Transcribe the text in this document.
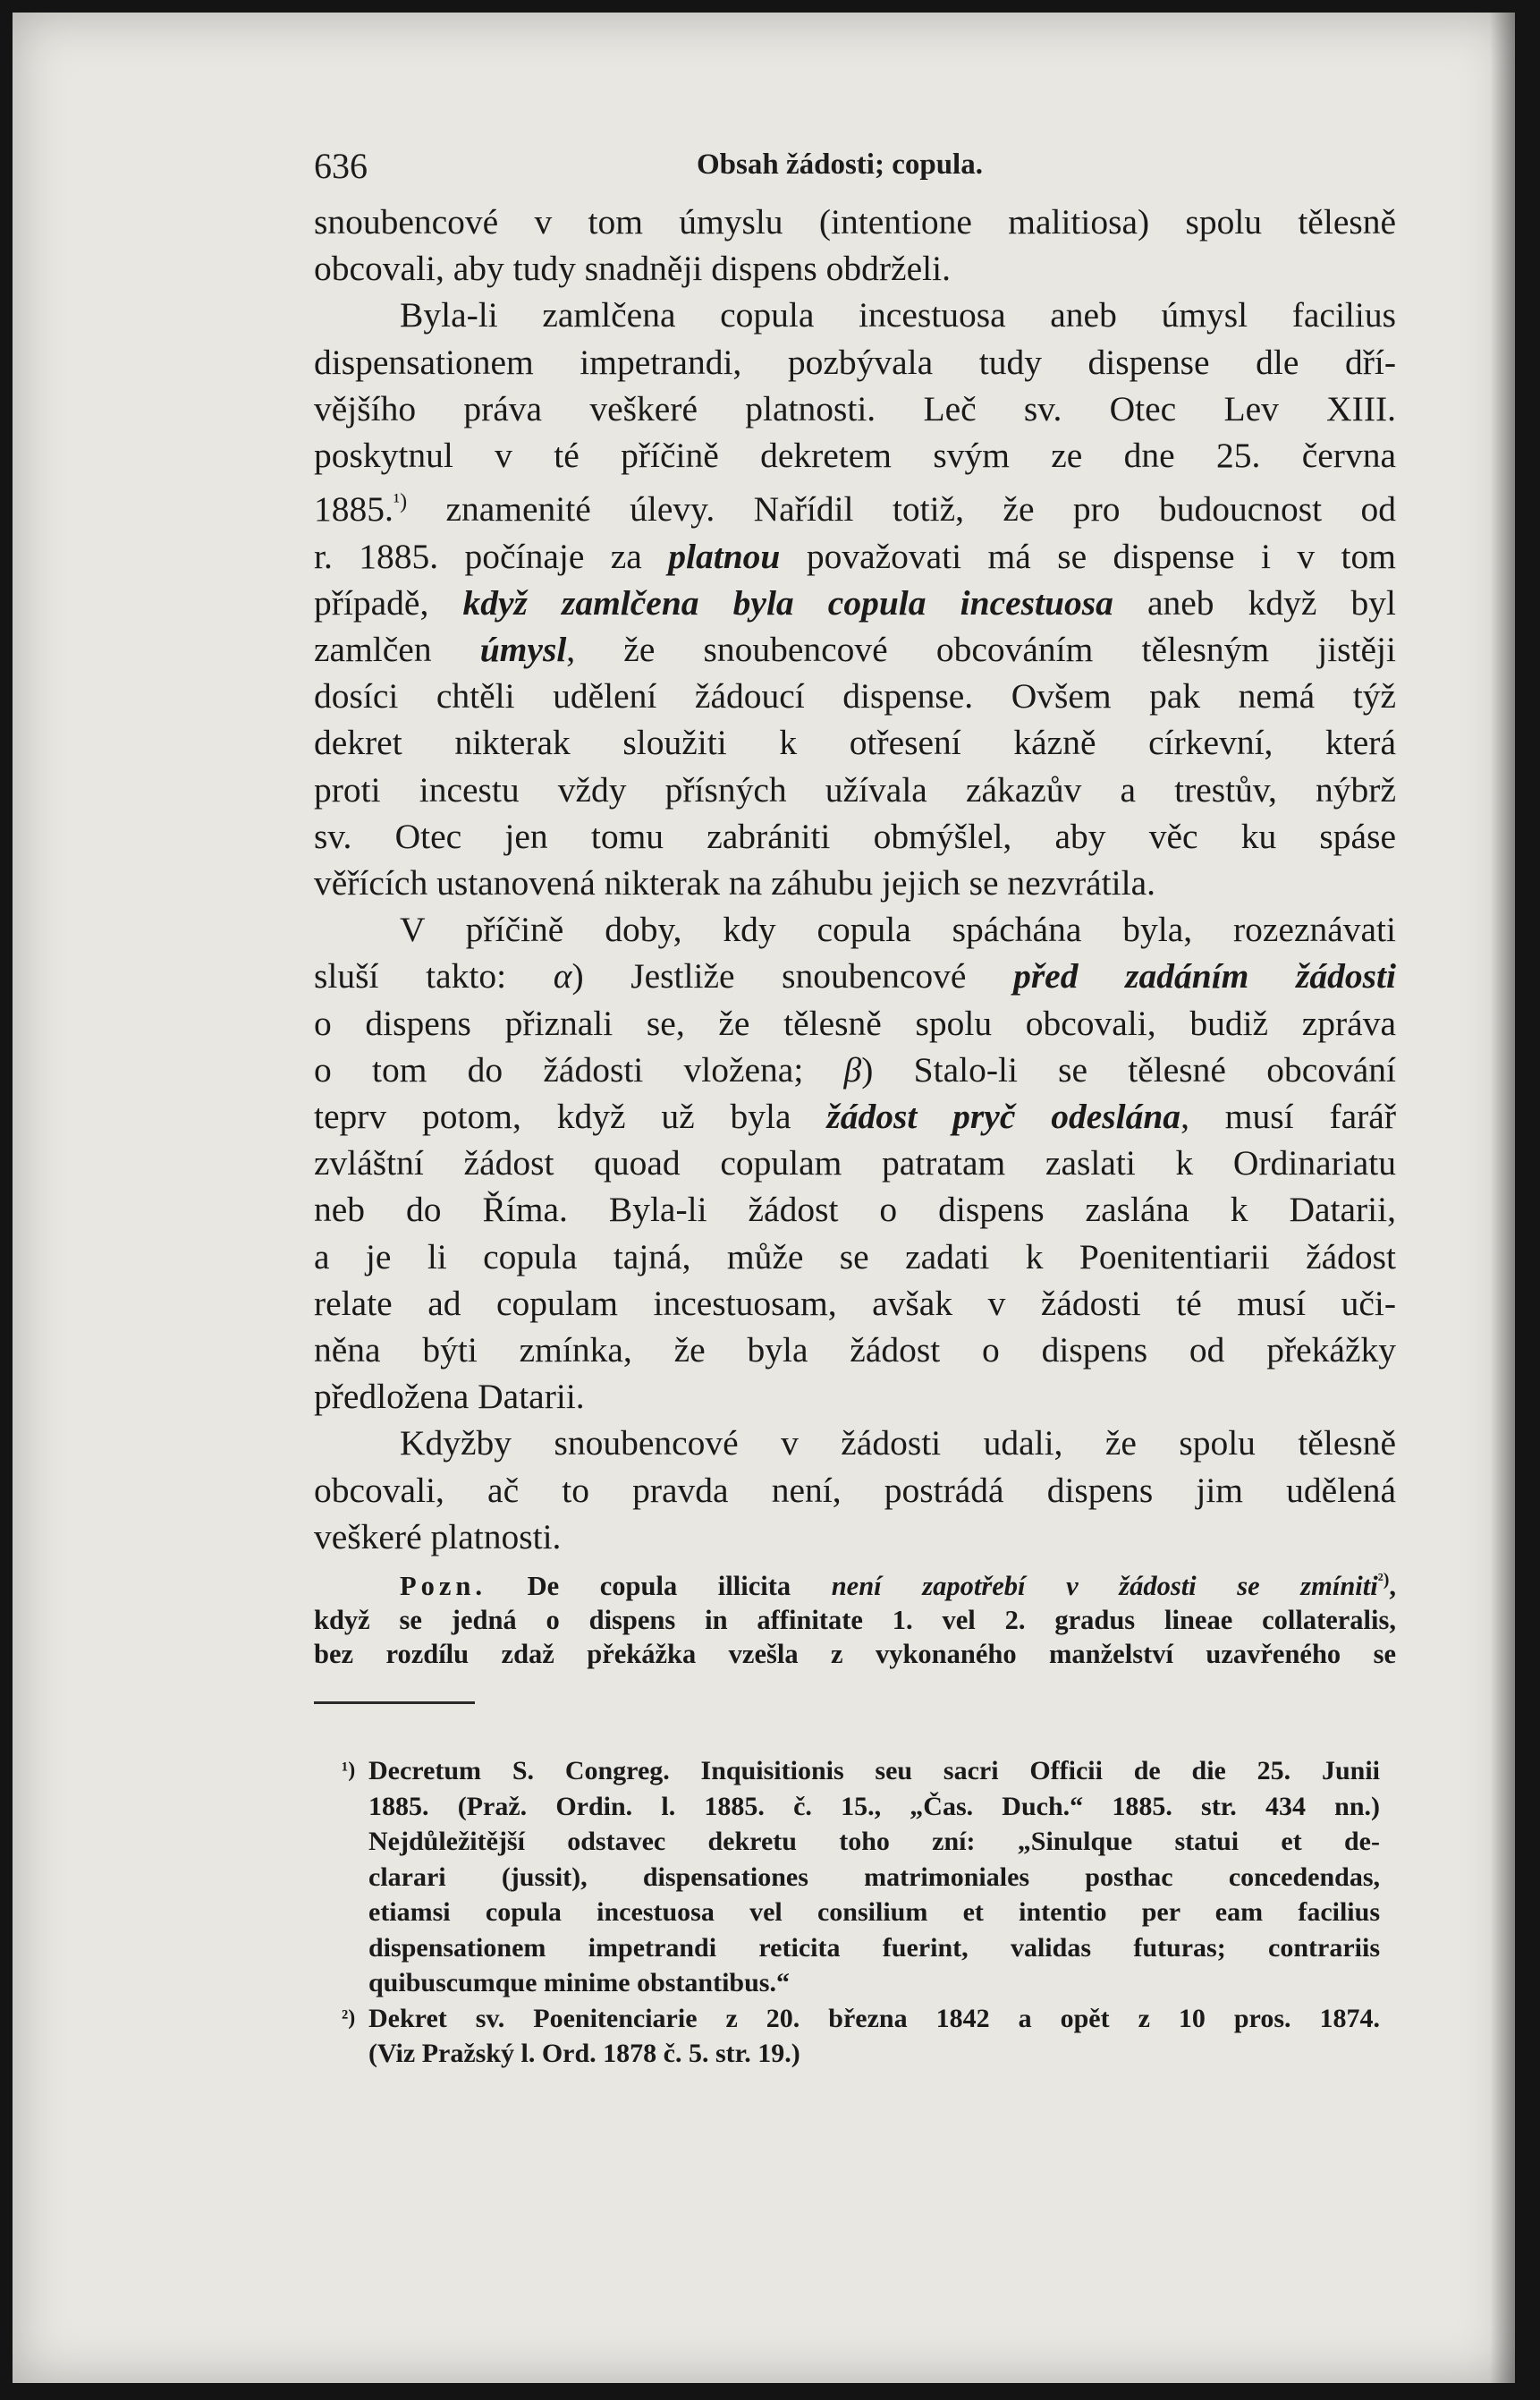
636	Obsah žádosti; copula.
snoubencové v tom úmyslu (intentione malitiosa) spolu tělesně
obcovali, aby tudy snadněji dispens obdrželi.
Byla-li zamlčena copula incestuosa aneb úmysl facilius
dispensationem impetrandi, pozbývala tudy dispense dle dří-
vějšího práva veškeré platnosti. Leč sv. Otec Lev XIII.
poskytnul v té příčině dekretem svým ze dne 25. června
1885.$^{^1)}$ znamenité úlevy. Nařídil totiž, že pro budoucnost od
r. 1885. počínaje za platnou považovati má se dispense i v tom
případě, když zamlčena byla copula incestuosa aneb když byl
zamlčen úmysl, že snoubencové obcováním tělesným jistěji
dosíci chtěli udělení žádoucí dispense. Ovšem pak nemá týž
dekret nikterak sloužiti k otřesení kázně církevní, která
proti incestu vždy přísných užívala zákazův a trestův, nýbrž
sv. Otec jen tomu zabrániti obmýšlel, aby věc ku spáse
věřících ustanovená nikterak na záhubu jejich se nezvrátila.
V příčině doby, kdy copula spáchána byla, rozeznávati
sluší takto: α) Jestliže snoubencové před zadáním žádosti
o dispens přiznali se, že tělesně spolu obcovali, budiž zpráva
o tom do žádosti vložena; β) Stalo-li se tělesné obcování
teprv potom, když už byla žádost pryč odeslána, musí farář
zvláštní žádost quoad copulam patratam zaslati k Ordinariatu
neb do Říma. Byla-li žádost o dispens zaslána k Datarii,
a je li copula tajná, může se zadati k Poenitentiarii žádost
relate ad copulam incestuosam, avšak v žádosti té musí uči-
něna býti zmínka, že byla žádost o dispens od překážky
předložena Datarii.
Kdyžby snoubencové v žádosti udali, že spolu tělesně
obcovali, ač to pravda není, postrádá dispens jim udělená
veškeré platnosti.
Pozn. De copula illicita není zapotřebí v žádosti se zmíniti$^{^2)}$,
když se jedná o dispens in affinitate 1. vel 2. gradus lineae collateralis,
bez rozdílu zdaž překážka vzešla z vykonaného manželství uzavřeného se
¹) Decretum S. Congreg. Inquisitionis seu sacri Officii de die 25. Junii
1885. (Praž. Ordin. l. 1885. č. 15., „Čas. Duch.“ 1885. str. 434 nn.)
Nejdůležitější odstavec dekretu toho zní: „Sinulque statui et de-
clarari (jussit), dispensationes matrimoniales posthac concedendas,
etiamsi copula incestuosa vel consilium et intentio per eam facilius
dispensationem impetrandi reticita fuerint, validas futuras; contrariis
quibuscumque minime obstantibus.“
²) Dekret sv. Poenitenciarie z 20. března 1842 a opět z 10 pros. 1874.
(Viz Pražský l. Ord. 1878 č. 5. str. 19.)
